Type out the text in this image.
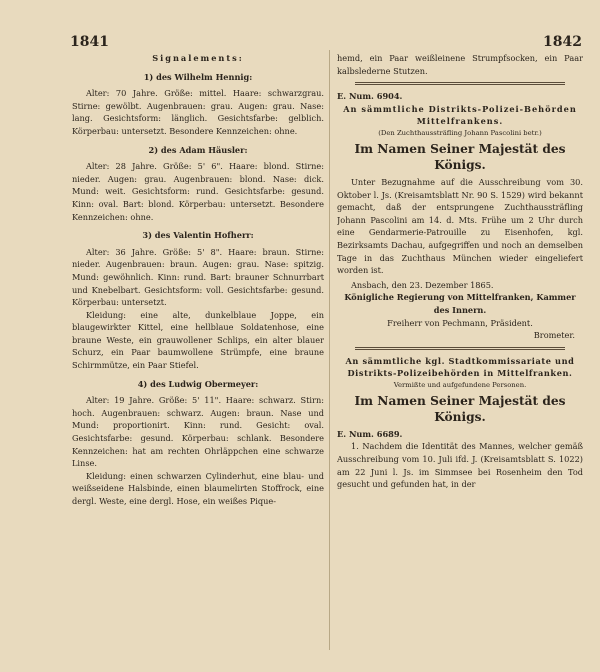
1841	1842

Signalements:

1) des Wilhelm Hennig:

Alter: 70 Jahre. Größe: mittel. Haare: schwarzgrau. Stirne: gewölbt. Augenbrauen: grau. Augen: grau. Nase: lang. Gesichtsform: länglich. Gesichtsfarbe: gelblich. Körperbau: untersetzt. Besondere Kennzeichen: ohne.

2) des Adam Häusler:

Alter: 28 Jahre. Größe: 5' 6". Haare: blond. Stirne: nieder. Augen: grau. Augenbrauen: blond. Nase: dick. Mund: weit. Gesichtsform: rund. Gesichtsfarbe: gesund. Kinn: oval. Bart: blond. Körperbau: untersetzt. Besondere Kennzeichen: ohne.

3) des Valentin Hofherr:

Alter: 36 Jahre. Größe: 5' 8". Haare: braun. Stirne: nieder. Augenbrauen: braun. Augen: grau. Nase: spitzig. Mund: gewöhnlich. Kinn: rund. Bart: brauner Schnurrbart und Knebelbart. Gesichtsform: voll. Gesichtsfarbe: gesund. Körperbau: untersetzt.

Kleidung: eine alte, dunkelblaue Joppe, ein blaugewirkter Kittel, eine hellblaue Soldatenhose, eine braune Weste, ein grauwollener Schlips, ein alter blauer Schurz, ein Paar baumwollene Strümpfe, eine braune Schirmmütze, ein Paar Stiefel.

4) des Ludwig Obermeyer:

Alter: 19 Jahre. Größe: 5' 11". Haare: schwarz. Stirn: hoch. Augenbrauen: schwarz. Augen: braun. Nase und Mund: proportionirt. Kinn: rund. Gesicht: oval. Gesichtsfarbe: gesund. Körperbau: schlank. Besondere Kennzeichen: hat am rechten Ohrläppchen eine schwarze Linse.

Kleidung: einen schwarzen Cylinderhut, eine blau- und weißseidene Halsbinde, einen blaumelirten Stoffrock, eine dergl. Weste, eine dergl. Hose, ein weißes Pique-

hemd, ein Paar weißleinene Strumpfsocken, ein Paar kalbslederne Stutzen.

E. Num. 6904.

An sämmtliche Distrikts-Polizei-Behörden Mittelfrankens.

(Den Zuchthaussträfling Johann Pascolini betr.)

Im Namen Seiner Majestät des Königs.

Unter Bezugnahme auf die Ausschreibung vom 30. Oktober l. Js. (Kreisamtsblatt Nr. 90 S. 1529) wird bekannt gemacht, daß der entsprungene Zuchthaussträfling Johann Pascolini am 14. d. Mts. Frühe um 2 Uhr durch eine Gendarmerie-Patrouille zu Eisenhofen, kgl. Bezirksamts Dachau, aufgegriffen und noch an demselben Tage in das Zuchthaus München wieder eingeliefert worden ist.

Ansbach, den 23. Dezember 1865.

Königliche Regierung von Mittelfranken, Kammer des Innern.

Freiherr von Pechmann, Präsident.

Brometer.

An sämmtliche kgl. Stadtkommissariate und Distrikts-Polizeibehörden in Mittelfranken.

Vermißte und aufgefundene Personen.

Im Namen Seiner Majestät des Königs.

E. Num. 6689.

1. Nachdem die Identität des Mannes, welcher gemäß Ausschreibung vom 10. Juli ifd. J. (Kreisamtsblatt S. 1022) am 22 Juni l. Js. im Simmsee bei Rosenheim den Tod gesucht und gefunden hat, in der
